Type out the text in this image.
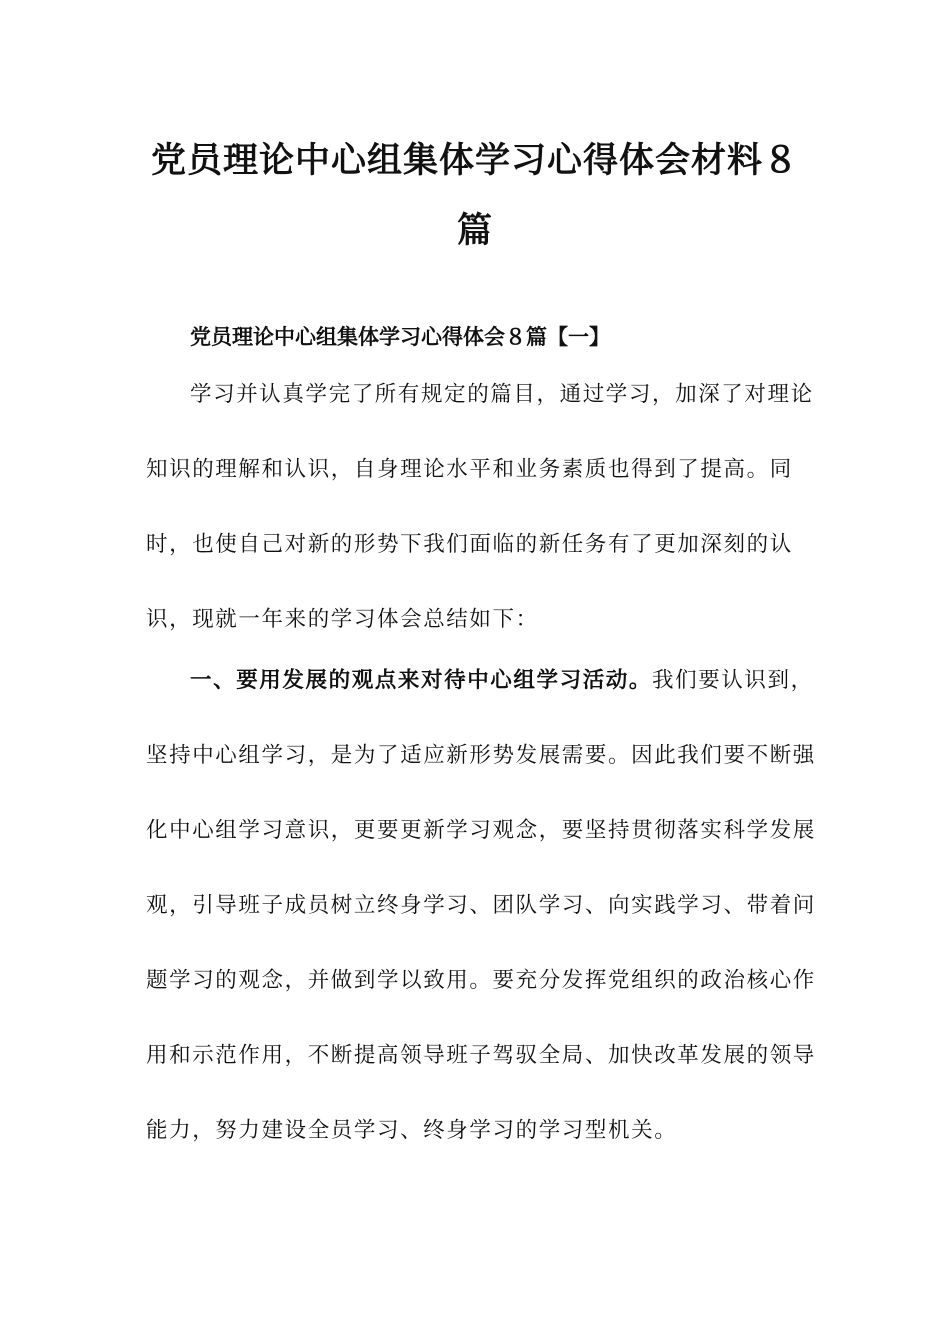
党员理论中心组集体学习心得体会材料８
篇
党员理论中心组集体学习心得体会８篇【一】
学习并认真学完了所有规定的篇目，通过学习，加深了对理论
知识的理解和认识，自身理论水平和业务素质也得到了提高。同
时，也使自己对新的形势下我们面临的新任务有了更加深刻的认
识，现就一年来的学习体会总结如下：
一、要用发展的观点来对待中心组学习活动。我们要认识到，
坚持中心组学习，是为了适应新形势发展需要。因此我们要不断强
化中心组学习意识，更要更新学习观念，要坚持贯彻落实科学发展
观，引导班子成员树立终身学习、团队学习、向实践学习、带着问
题学习的观念，并做到学以致用。要充分发挥党组织的政治核心作
用和示范作用，不断提高领导班子驾驭全局、加快改革发展的领导
能力，努力建设全员学习、终身学习的学习型机关。
